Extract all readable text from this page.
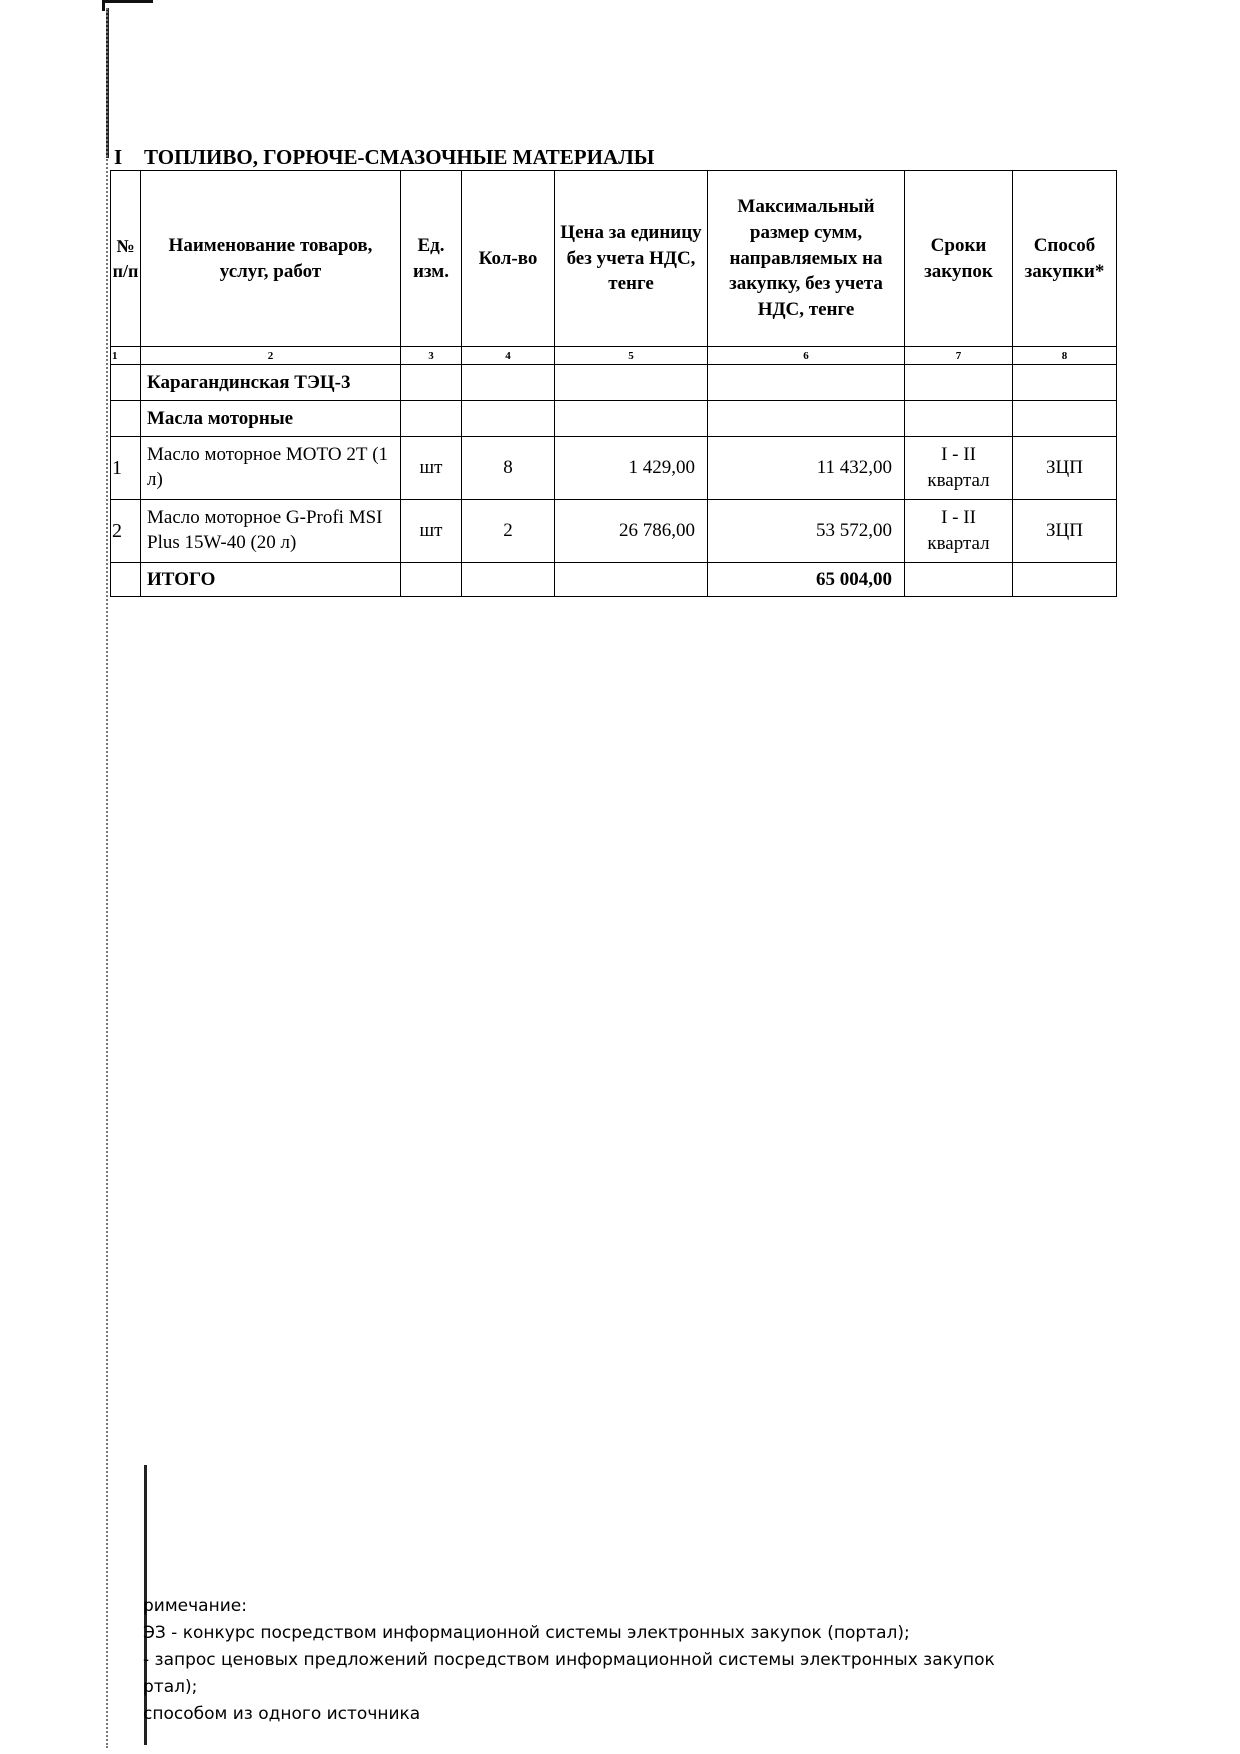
I ТОПЛИВО, ГОРЮЧЕ-СМАЗОЧНЫЕ МАТЕРИАЛЫ
№ п/п	Наименование товаров, услуг, работ	Ед. изм.	Кол-во	Цена за единицу без учета НДС, тенге	Максимальный размер сумм, направляемых на закупку, без учета НДС, тенге	Сроки закупок	Способ закупки*
1	2	3	4	5	6	7	8
	Карагандинская ТЭЦ-3						
	Масла моторные						
1	Масло моторное МОТО 2Т (1 л)	шт	8	1 429,00	11 432,00	I - II квартал	ЗЦП
2	Масло моторное G-Profi MSI Plus 15W-40 (20 л)	шт	2	26 786,00	53 572,00	I - II квартал	ЗЦП
	ИТОГО				65 004,00		
римечание:
ЭЗ - конкурс посредством информационной системы электронных закупок (портал);
- запрос ценовых предложений посредством информационной системы электронных закупок
ртал);
способом из одного источника
